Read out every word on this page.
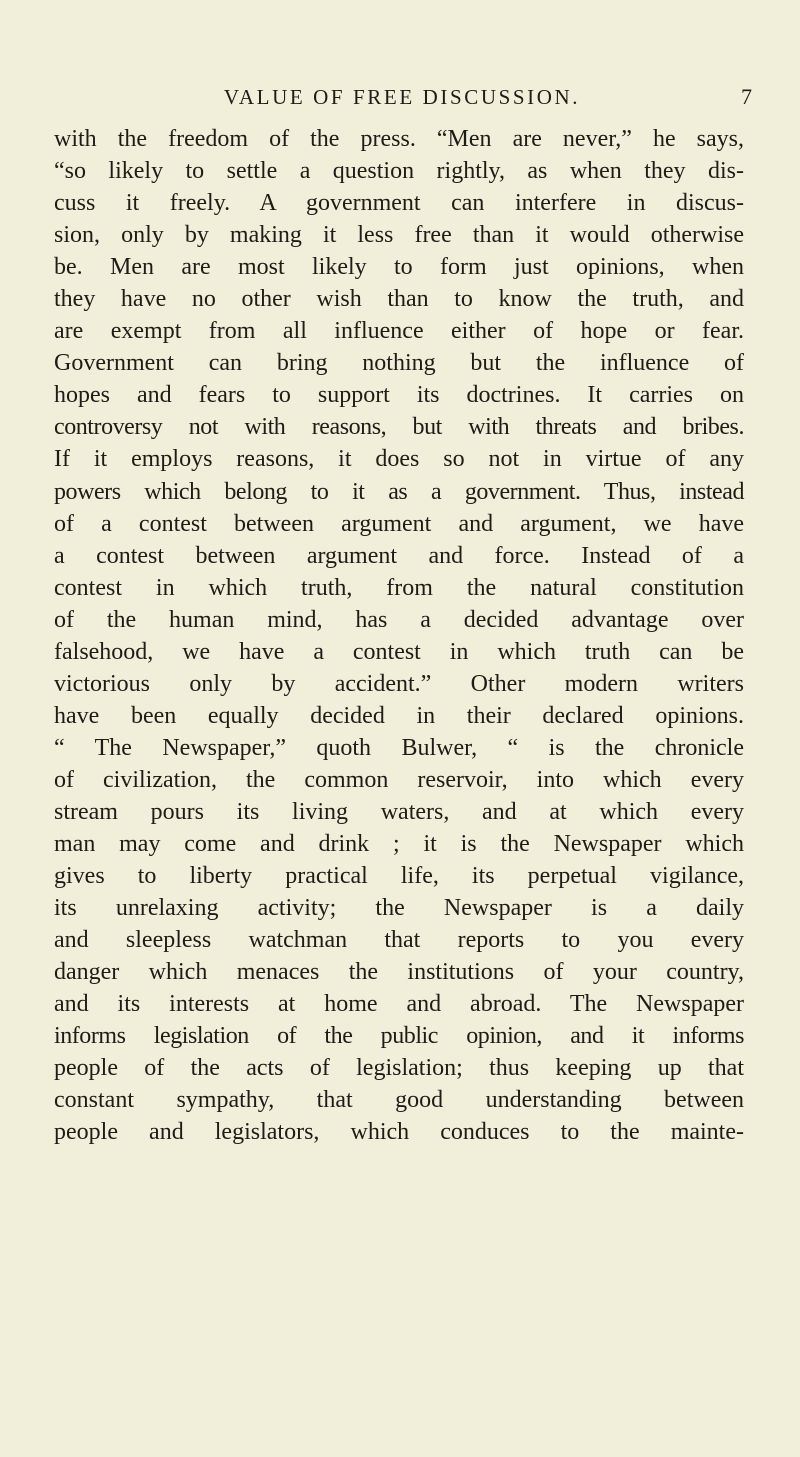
VALUE OF FREE DISCUSSION.	7
with the freedom of the press. “Men are never,” he says,
“so likely to settle a question rightly, as when they dis-
cuss it freely. A government can interfere in discus-
sion, only by making it less free than it would otherwise
be. Men are most likely to form just opinions, when
they have no other wish than to know the truth, and
are exempt from all influence either of hope or fear.
Government can bring nothing but the influence of
hopes and fears to support its doctrines. It carries on
controversy not with reasons, but with threats and bribes.
If it employs reasons, it does so not in virtue of any
powers which belong to it as a government. Thus, instead
of a contest between argument and argument, we have
a contest between argument and force. Instead of a
contest in which truth, from the natural constitution
of the human mind, has a decided advantage over
falsehood, we have a contest in which truth can be
victorious only by accident.” Other modern writers
have been equally decided in their declared opinions.
“ The Newspaper,” quoth Bulwer, “ is the chronicle
of civilization, the common reservoir, into which every
stream pours its living waters, and at which every
man may come and drink ; it is the Newspaper which
gives to liberty practical life, its perpetual vigilance,
its unrelaxing activity; the Newspaper is a daily
and sleepless watchman that reports to you every
danger which menaces the institutions of your country,
and its interests at home and abroad. The Newspaper
informs legislation of the public opinion, and it informs
people of the acts of legislation; thus keeping up that
constant sympathy, that good understanding between
people and legislators, which conduces to the mainte-
